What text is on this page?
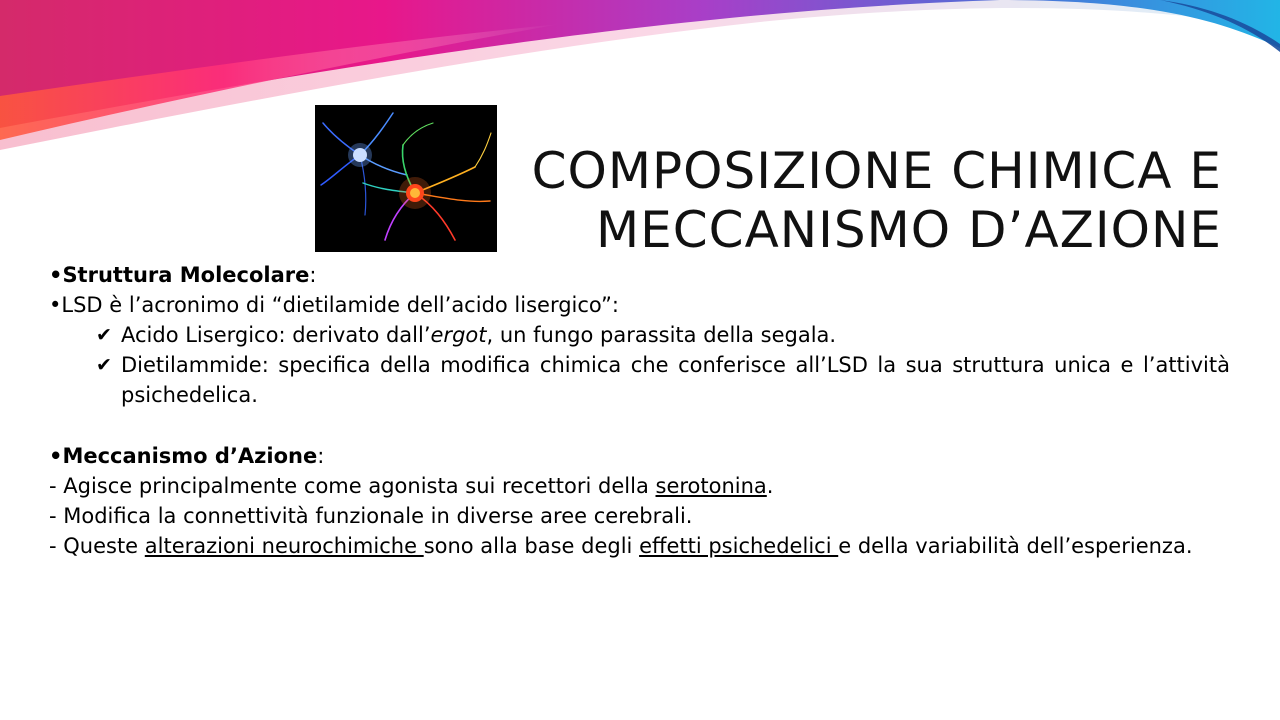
COMPOSIZIONE CHIMICA E
MECCANISMO D’AZIONE

•Struttura Molecolare:

•LSD è l’acronimo di “dietilamide dell’acido lisergico”:

✔ Acido Lisergico: derivato dall’ergot, un fungo parassita della segala.
✔ Dietilammide: specifica della modifica chimica che conferisce all’LSD la sua struttura unica e l’attività psichedelica.

•Meccanismo d’Azione:

- Agisce principalmente come agonista sui recettori della serotonina.

- Modifica la connettività funzionale in diverse aree cerebrali.

- Queste alterazioni neurochimiche sono alla base degli effetti psichedelici e della variabilità dell’esperienza.
